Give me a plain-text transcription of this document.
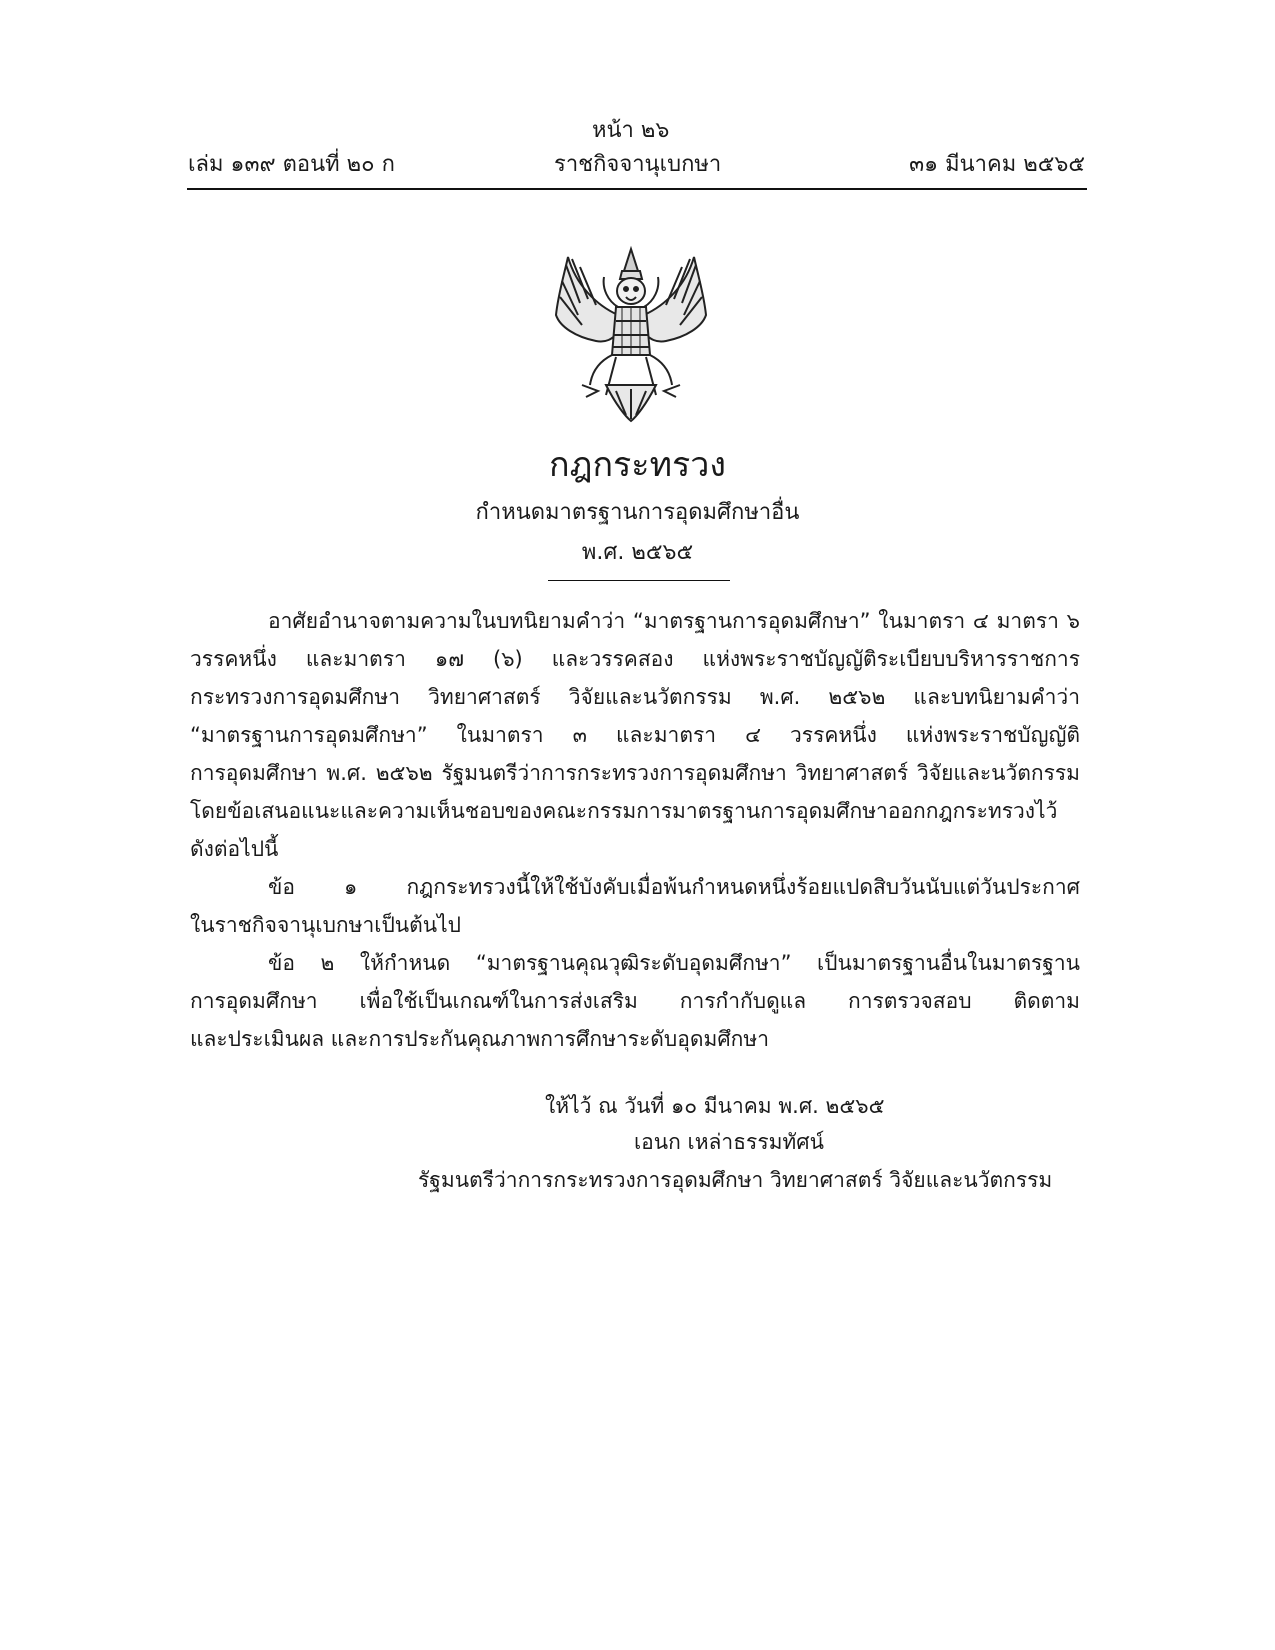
หน้า ๒๖
เล่ม ๑๓๙ ตอนที่ ๒๐ ก	ราชกิจจานุเบกษา	๓๑ มีนาคม ๒๕๖๕
กฎกระทรวง
กำหนดมาตรฐานการอุดมศึกษาอื่น
พ.ศ. ๒๕๖๕
อาศัยอำนาจตามความในบทนิยามคำว่า “มาตรฐานการอุดมศึกษา” ในมาตรา ๔ มาตรา ๖
วรรคหนึ่ง และมาตรา ๑๗ (๖) และวรรคสอง แห่งพระราชบัญญัติระเบียบบริหารราชการ
กระทรวงการอุดมศึกษา วิทยาศาสตร์ วิจัยและนวัตกรรม พ.ศ. ๒๕๖๒ และบทนิยามคำว่า
“มาตรฐานการอุดมศึกษา” ในมาตรา ๓ และมาตรา ๔ วรรคหนึ่ง แห่งพระราชบัญญัติ
การอุดมศึกษา พ.ศ. ๒๕๖๒ รัฐมนตรีว่าการกระทรวงการอุดมศึกษา วิทยาศาสตร์ วิจัยและนวัตกรรม
โดยข้อเสนอแนะและความเห็นชอบของคณะกรรมการมาตรฐานการอุดมศึกษาออกกฎกระทรวงไว้
ดังต่อไปนี้
ข้อ ๑ กฎกระทรวงนี้ให้ใช้บังคับเมื่อพ้นกำหนดหนึ่งร้อยแปดสิบวันนับแต่วันประกาศ
ในราชกิจจานุเบกษาเป็นต้นไป
ข้อ ๒ ให้กำหนด “มาตรฐานคุณวุฒิระดับอุดมศึกษา” เป็นมาตรฐานอื่นในมาตรฐาน
การอุดมศึกษา เพื่อใช้เป็นเกณฑ์ในการส่งเสริม การกำกับดูแล การตรวจสอบ ติดตาม
และประเมินผล และการประกันคุณภาพการศึกษาระดับอุดมศึกษา
ให้ไว้ ณ วันที่ ๑๐ มีนาคม พ.ศ. ๒๕๖๕
เอนก เหล่าธรรมทัศน์
รัฐมนตรีว่าการกระทรวงการอุดมศึกษา วิทยาศาสตร์ วิจัยและนวัตกรรม
